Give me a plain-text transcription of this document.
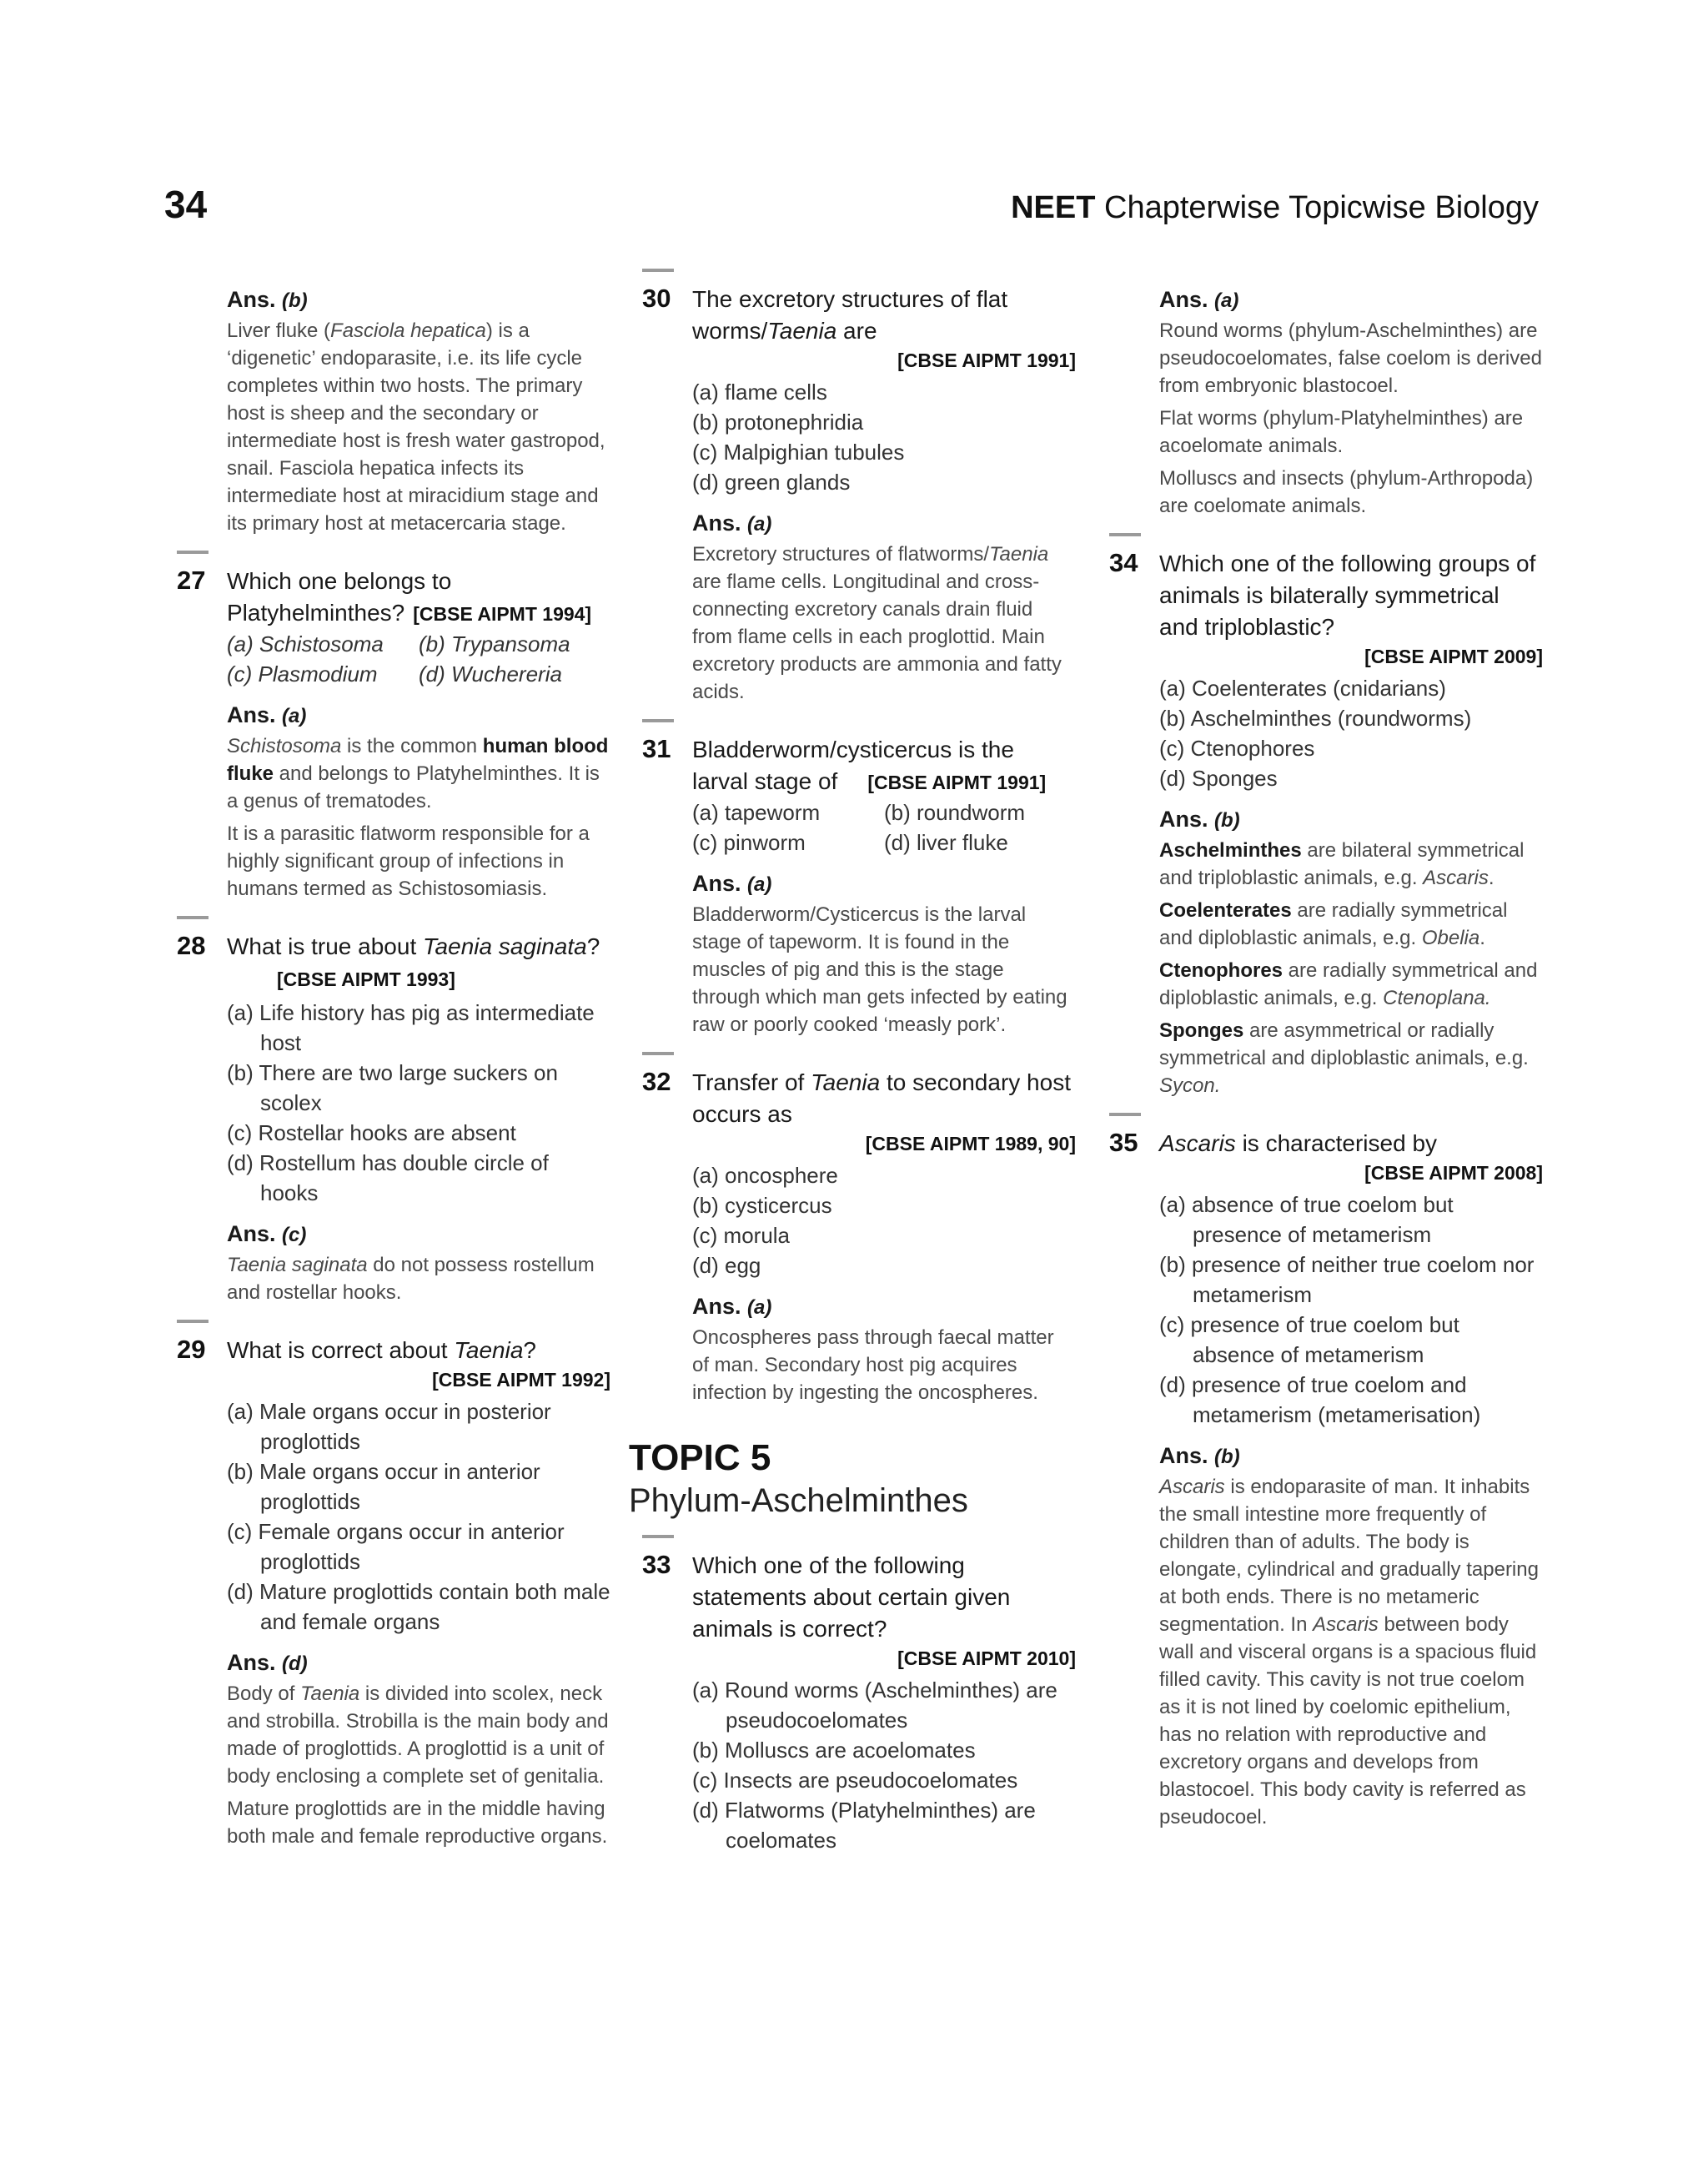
34	NEET Chapterwise Topicwise Biology
Ans. (b)

Liver fluke (Fasciola hepatica) is a ‘digenetic’ endoparasite, i.e. its life cycle completes within two hosts. The primary host is sheep and the secondary or intermediate host is fresh water gastropod, snail. Fasciola hepatica infects its intermediate host at miracidium stage and its primary host at metacercaria stage.

27 Which one belongs to Platyhelminthes? [CBSE AIPMT 1994]
(a) Schistosoma	(b) Trypansoma
(c) Plasmodium	(d) Wuchereria
Ans. (a)

Schistosoma is the common human blood fluke and belongs to Platyhelminthes. It is a genus of trematodes.

It is a parasitic flatworm responsible for a highly significant group of infections in humans termed as Schistosomiasis.

28 What is true about Taenia saginata?[CBSE AIPMT 1993]
(a) Life history has pig as intermediate host
(b) There are two large suckers on scolex
(c) Rostellar hooks are absent
(d) Rostellum has double circle of hooks
Ans. (c)

Taenia saginata do not possess rostellum and rostellar hooks.

29 What is correct about Taenia?
[CBSE AIPMT 1992]
(a) Male organs occur in posterior proglottids
(b) Male organs occur in anterior proglottids
(c) Female organs occur in anterior proglottids
(d) Mature proglottids contain both male and female organs
Ans. (d)

Body of Taenia is divided into scolex, neck and strobilla. Strobilla is the main body and made of proglottids. A proglottid is a unit of body enclosing a complete set of genitalia.

Mature proglottids are in the middle having both male and female reproductive organs.

30 The excretory structures of flat worms/Taenia are
[CBSE AIPMT 1991]
(a) flame cells
(b) protonephridia
(c) Malpighian tubules
(d) green glands
Ans. (a)

Excretory structures of flatworms/Taenia are flame cells. Longitudinal and cross-connecting excretory canals drain fluid from flame cells in each proglottid. Main excretory products are ammonia and fatty acids.

31 Bladderworm/cysticercus is the larval stage of [CBSE AIPMT 1991]
(a) tapeworm	(b) roundworm
(c) pinworm	(d) liver fluke
Ans. (a)

Bladderworm/Cysticercus is the larval stage of tapeworm. It is found in the muscles of pig and this is the stage through which man gets infected by eating raw or poorly cooked ‘measly pork’.

32 Transfer of Taenia to secondary host occurs as
[CBSE AIPMT 1989, 90]
(a) oncosphere
(b) cysticercus
(c) morula
(d) egg
Ans. (a)

Oncospheres pass through faecal matter of man. Secondary host pig acquires infection by ingesting the oncospheres.

TOPIC 5
Phylum-Aschelminthes
33 Which one of the following statements about certain given animals is correct?
[CBSE AIPMT 2010]
(a) Round worms (Aschelminthes) are pseudocoelomates
(b) Molluscs are acoelomates
(c) Insects are pseudocoelomates
(d) Flatworms (Platyhelminthes) are coelomates
Ans. (a)

Round worms (phylum-Aschelminthes) are pseudocoelomates, false coelom is derived from embryonic blastocoel.

Flat worms (phylum-Platyhelminthes) are acoelomate animals.

Molluscs and insects (phylum-Arthropoda) are coelomate animals.

34 Which one of the following groups of animals is bilaterally symmetrical and triploblastic?
[CBSE AIPMT 2009]
(a) Coelenterates (cnidarians)
(b) Aschelminthes (roundworms)
(c) Ctenophores
(d) Sponges
Ans. (b)

Aschelminthes are bilateral symmetrical and triploblastic animals, e.g. Ascaris.

Coelenterates are radially symmetrical and diploblastic animals, e.g. Obelia.

Ctenophores are radially symmetrical and diploblastic animals, e.g. Ctenoplana.

Sponges are asymmetrical or radially symmetrical and diploblastic animals, e.g. Sycon.

35 Ascaris is characterised by
[CBSE AIPMT 2008]
(a) absence of true coelom but presence of metamerism
(b) presence of neither true coelom nor metamerism
(c) presence of true coelom but absence of metamerism
(d) presence of true coelom and metamerism (metamerisation)
Ans. (b)

Ascaris is endoparasite of man. It inhabits the small intestine more frequently of children than of adults. The body is elongate, cylindrical and gradually tapering at both ends. There is no metameric segmentation. In Ascaris between body wall and visceral organs is a spacious fluid filled cavity. This cavity is not true coelom as it is not lined by coelomic epithelium, has no relation with reproductive and excretory organs and develops from blastocoel. This body cavity is referred as pseudocoel.
